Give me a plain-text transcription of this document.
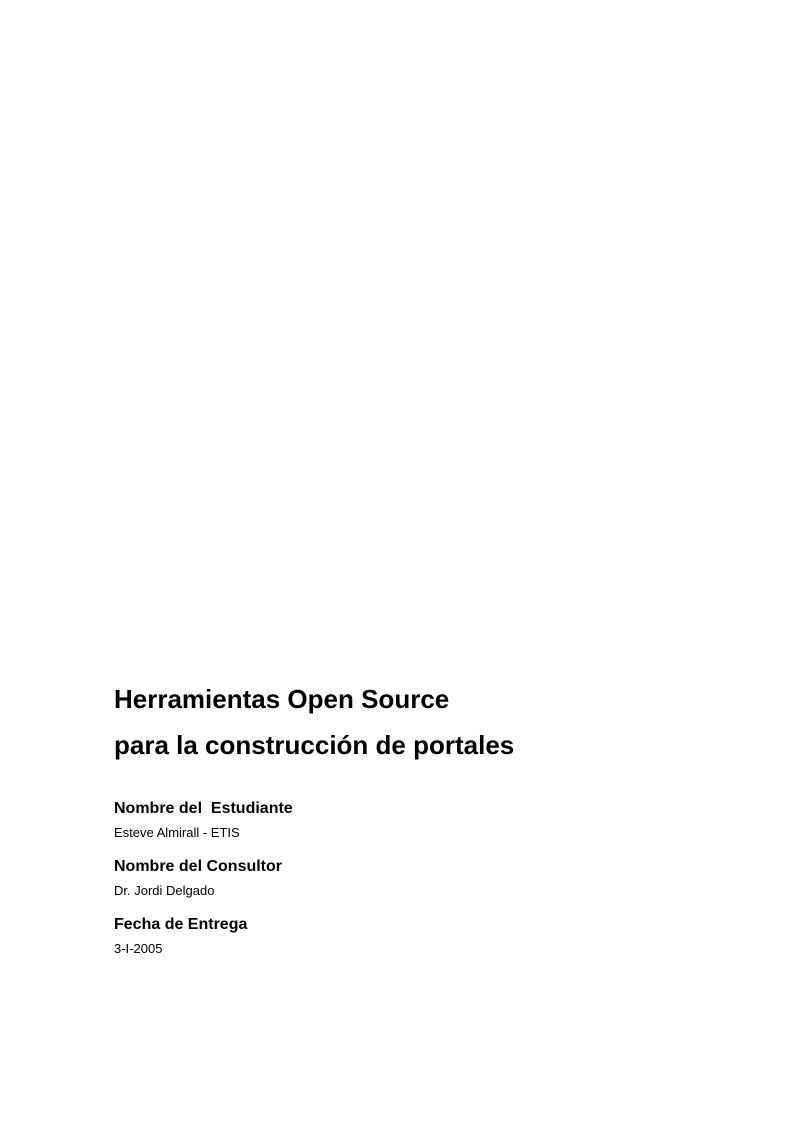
Herramientas Open Source

para la construcción de portales

Nombre del  Estudiante

Esteve Almirall - ETIS

Nombre del Consultor

Dr. Jordi Delgado

Fecha de Entrega

3-I-2005
